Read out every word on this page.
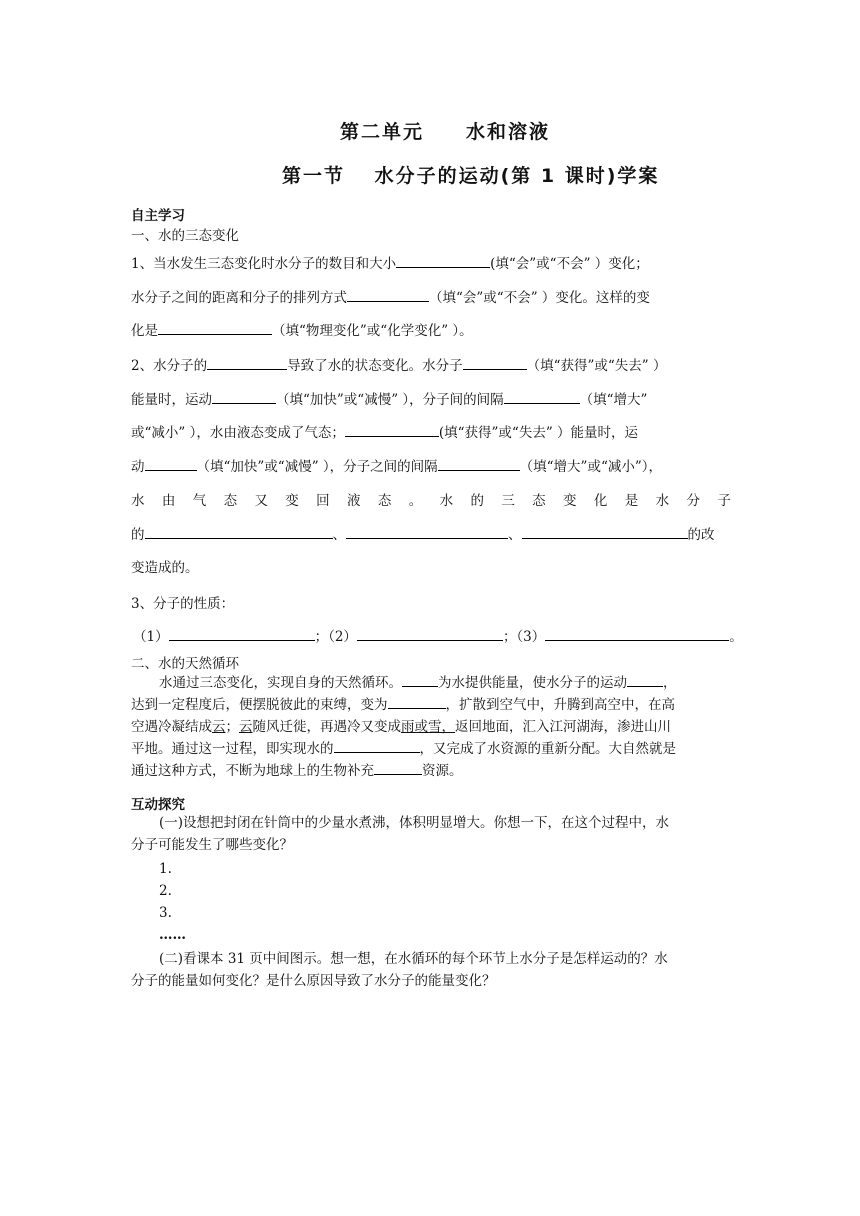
第二单元　　水和溶液
第一节　 水分子的运动(第 1 课时)学案
自主学习
一、水的三态变化
1、当水发生三态变化时水分子的数目和大小	(填“会”或“不会” ）变化；
水分子之间的距离和分子的排列方式	（填“会”或“不会” ）变化。这样的变
化是	（填“物理变化”或“化学变化” ）。
2、水分子的	导致了水的状态变化。水分子	（填“获得”或“失去” ）
能量时，运动	（填“加快”或“减慢” ），分子间的间隔	（填“增大”
或“减小” ），水由液态变成了气态；	(填“获得”或“失去” ）能量时，运
动	（填“加快”或“减慢” ），分子之间的间隔	（填“增大”或“减小”），
水 由 气 态 又 变 回 液 态 。 水 的 三 态 变 化 是 水 分 子
的	、	、	的改
变造成的。
3、分子的性质：
（1）	；（2）	；（3）	。
二、水的天然循环
水通过三态变化，实现自身的天然循环。	为水提供能量，使水分子的运动	，
达到一定程度后，便摆脱彼此的束缚，变为	，扩散到空气中，升腾到高空中，在高
空遇冷凝结成云；云随风迁徙，再遇冷又变成雨或雪，返回地面，汇入江河湖海，渗进山川
平地。通过这一过程，即实现水的	，又完成了水资源的重新分配。大自然就是
通过这种方式，不断为地球上的生物补充	资源。
互动探究
(一)设想把封闭在针筒中的少量水煮沸，体积明显增大。你想一下，在这个过程中，水
分子可能发生了哪些变化？
1.
2.
3.
……
(二)看课本 31 页中间图示。想一想，在水循环的每个环节上水分子是怎样运动的？水
分子的能量如何变化？是什么原因导致了水分子的能量变化？
